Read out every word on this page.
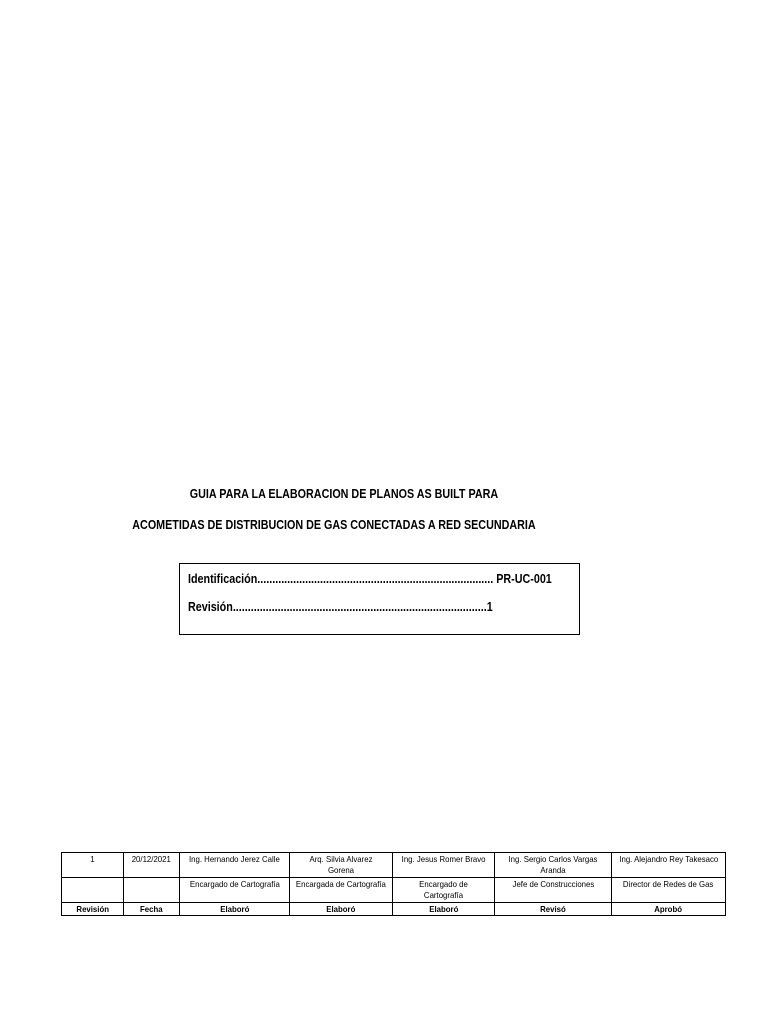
GUIA PARA LA ELABORACION DE PLANOS AS BUILT PARA
ACOMETIDAS DE DISTRIBUCION DE GAS CONECTADAS A RED SECUNDARIA
Identificación............................................................................... PR-UC-001
Revisión.....................................................................................1
1	20/12/2021	Ing. Hernando Jerez Calle	Arq. Silvia Alvarez Gorena	Ing. Jesus Romer Bravo	Ing. Sergio Carlos Vargas Aranda	Ing. Alejandro Rey Takesaco
		Encargado de Cartografía	Encargada de Cartografía	Encargado de Cartografía	Jefe de Construcciones	Director de Redes de Gas
Revisión	Fecha	Elaboró	Elaboró	Elaboró	Revisó	Aprobó
